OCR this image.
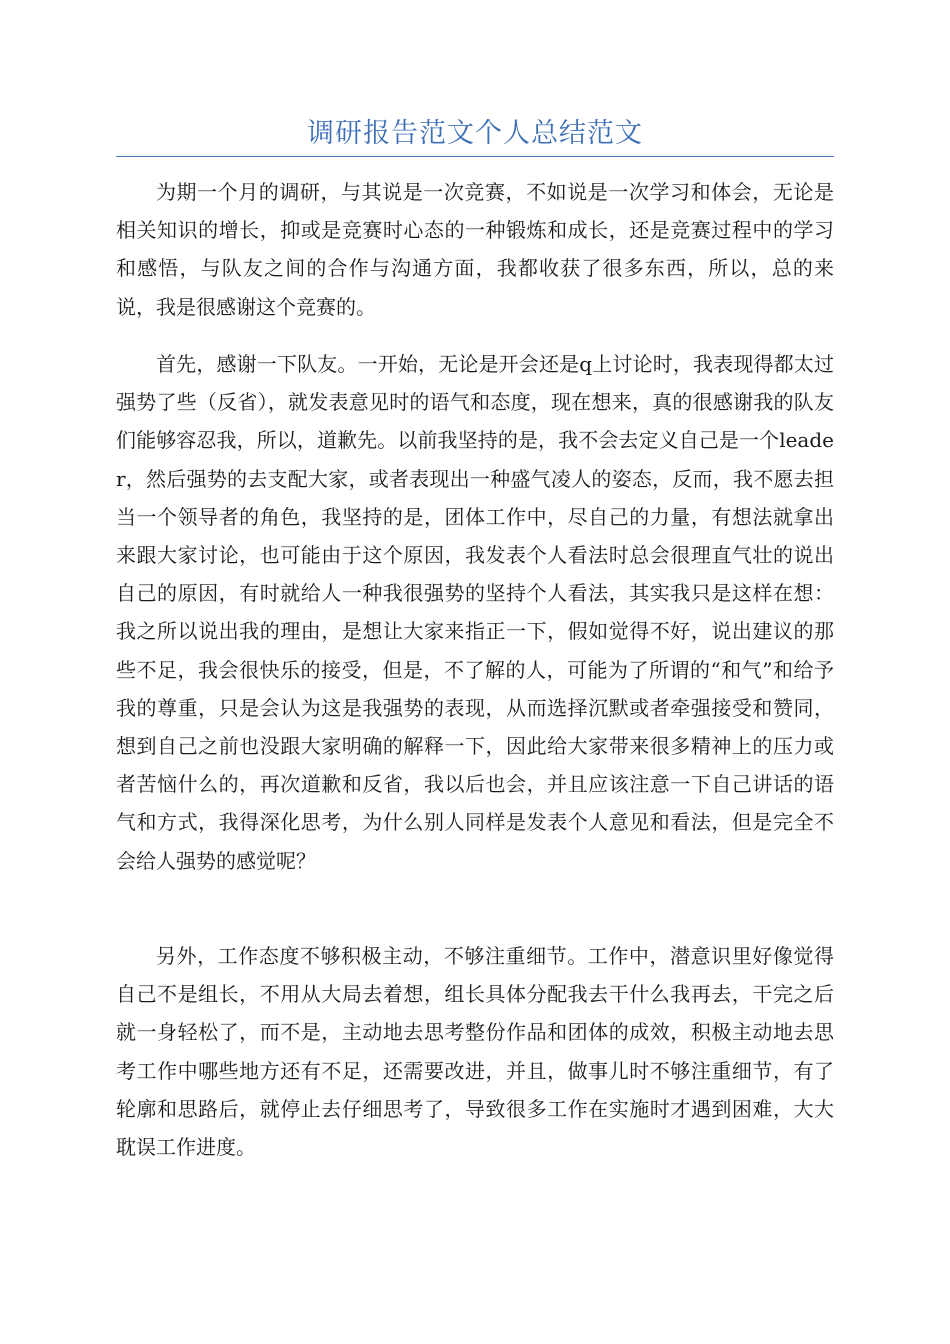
调研报告范文个人总结范文

为期一个月的调研，与其说是一次竞赛，不如说是一次学习和体会，无论是相关知识的增长，抑或是竞赛时心态的一种锻炼和成长，还是竞赛过程中的学习和感悟，与队友之间的合作与沟通方面，我都收获了很多东西，所以，总的来说，我是很感谢这个竞赛的。

首先，感谢一下队友。一开始，无论是开会还是q上讨论时，我表现得都太过强势了些（反省），就发表意见时的语气和态度，现在想来，真的很感谢我的队友们能够容忍我，所以，道歉先。以前我坚持的是，我不会去定义自己是一个leader，然后强势的去支配大家，或者表现出一种盛气凌人的姿态，反而，我不愿去担当一个领导者的角色，我坚持的是，团体工作中，尽自己的力量，有想法就拿出来跟大家讨论，也可能由于这个原因，我发表个人看法时总会很理直气壮的说出自己的原因，有时就给人一种我很强势的坚持个人看法，其实我只是这样在想：我之所以说出我的理由，是想让大家来指正一下，假如觉得不好，说出建议的那些不足，我会很快乐的接受，但是，不了解的人，可能为了所谓的“和气”和给予我的尊重，只是会认为这是我强势的表现，从而选择沉默或者牵强接受和赞同，想到自己之前也没跟大家明确的解释一下，因此给大家带来很多精神上的压力或者苦恼什么的，再次道歉和反省，我以后也会，并且应该注意一下自己讲话的语气和方式，我得深化思考，为什么别人同样是发表个人意见和看法，但是完全不会给人强势的感觉呢？

另外，工作态度不够积极主动，不够注重细节。工作中，潜意识里好像觉得自己不是组长，不用从大局去着想，组长具体分配我去干什么我再去，干完之后就一身轻松了，而不是，主动地去思考整份作品和团体的成效，积极主动地去思考工作中哪些地方还有不足，还需要改进，并且，做事儿时不够注重细节，有了轮廓和思路后，就停止去仔细思考了，导致很多工作在实施时才遇到困难，大大耽误工作进度。
